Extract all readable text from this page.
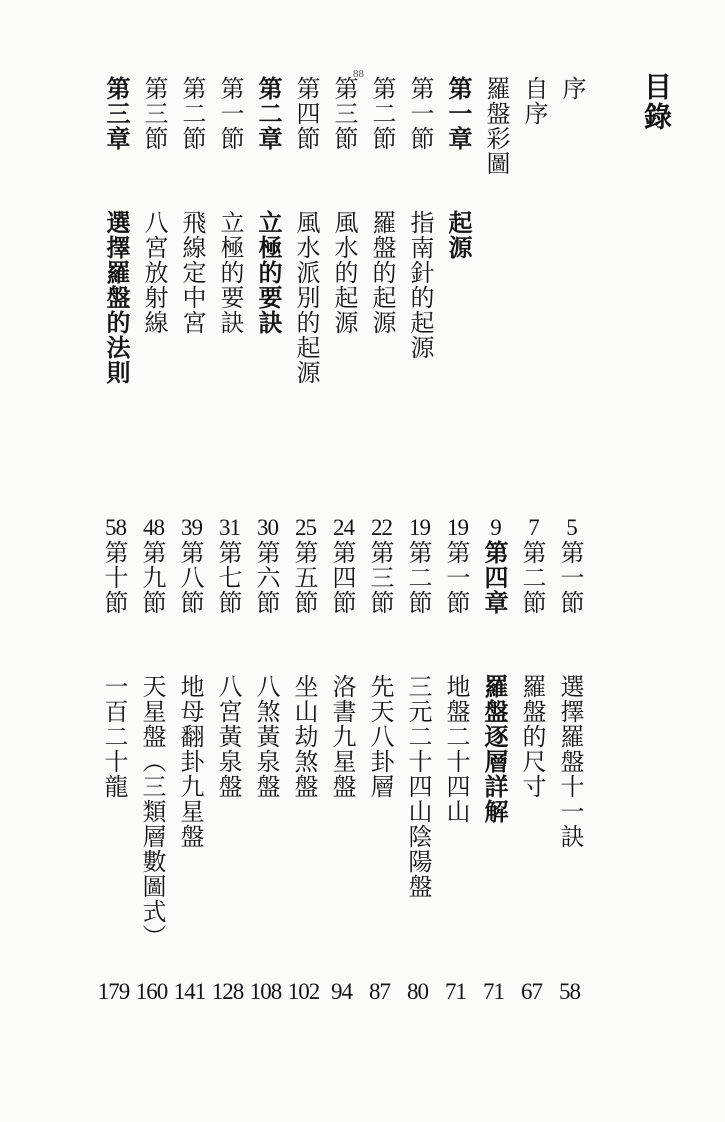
目錄
88
序
5
自序
7
羅盤彩圖
9
起源
第一章
19
指南針的起源
第一節
19
羅盤的起源
第二節
22
風水的起源
第三節
24
風水派別的起源
第四節
25
立極的要訣
第二章
30
立極的要訣
第一節
31
飛線定中宮
第二節
39
八宮放射線
第三節
48
選擇羅盤的法則
第三章
58
選擇羅盤十一訣
第一節
58
羅盤的尺寸
第二節
67
羅盤逐層詳解
第四章
71
地盤二十四山
第一節
71
三元二十四山陰陽盤
第二節
80
先天八卦層
第三節
87
洛書九星盤
第四節
94
坐山劫煞盤
第五節
102
八煞黃泉盤
第六節
108
八宮黃泉盤
第七節
128
地母翻卦九星盤
第八節
141
天星盤（三類層數圖式）
第九節
160
一百二十龍
第十節
179
